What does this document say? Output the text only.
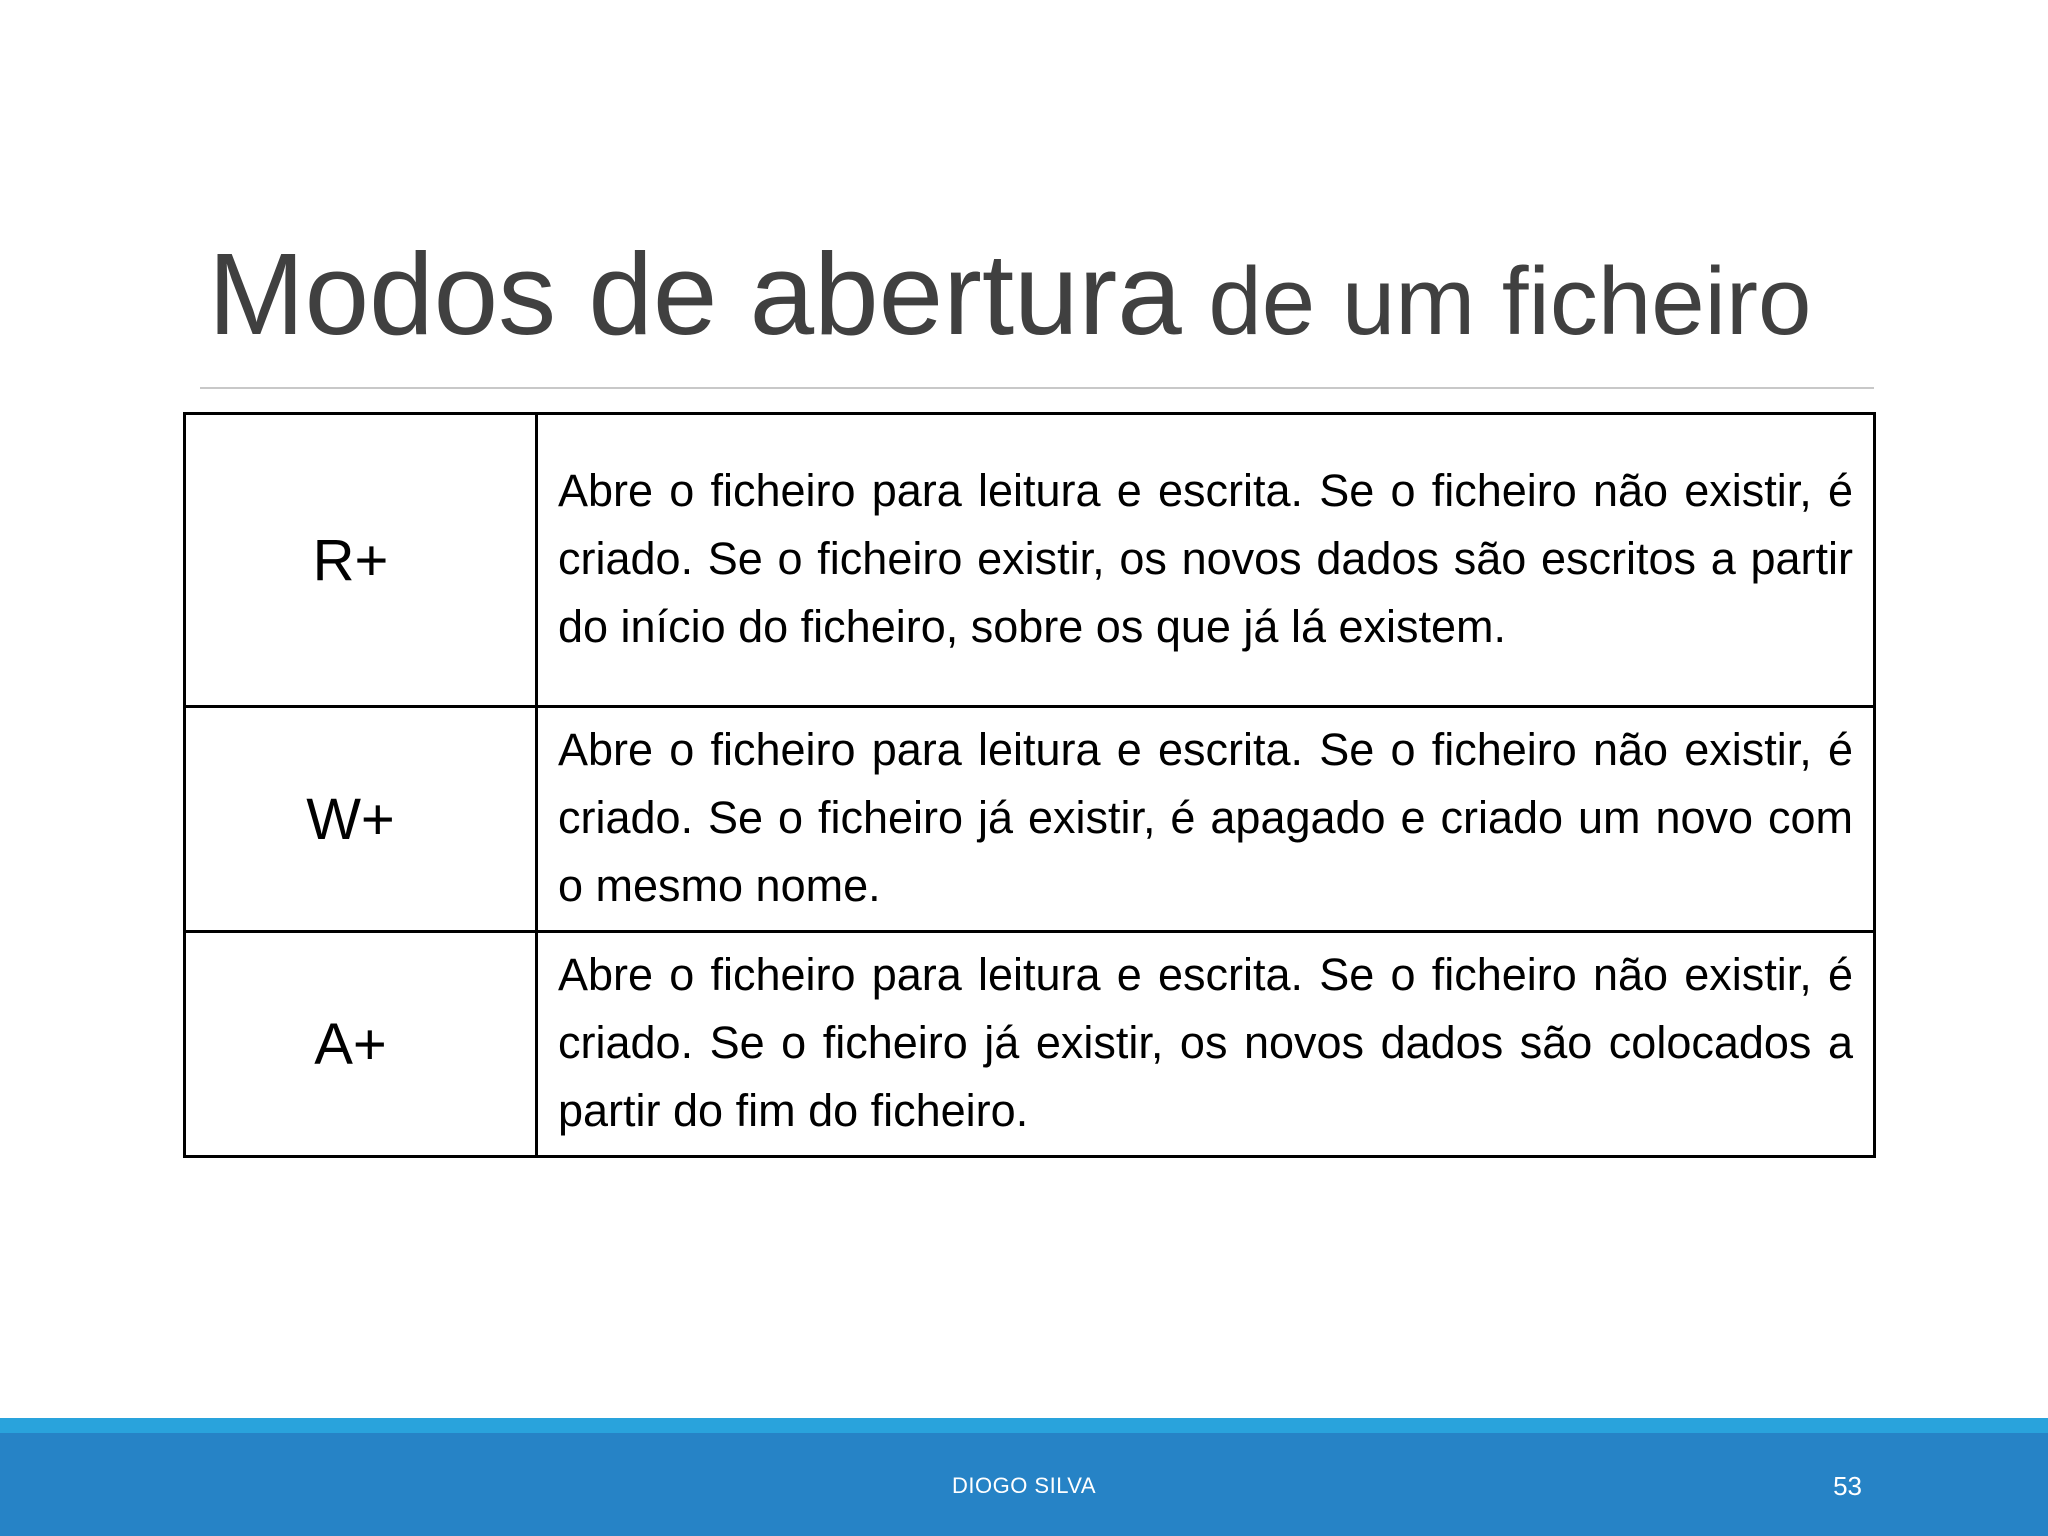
Modos de abertura de um ficheiro
R+	Abre o ficheiro para leitura e escrita. Se o ficheiro não existir, é criado. Se o ficheiro existir, os novos dados são escritos a partir do início do ficheiro, sobre os que já lá existem.
W+	Abre o ficheiro para leitura e escrita. Se o ficheiro não existir, é criado. Se o ficheiro já existir, é apagado e criado um novo com o mesmo nome.
A+	Abre o ficheiro para leitura e escrita. Se o ficheiro não existir, é criado. Se o ficheiro já existir, os novos dados são colocados a partir do fim do ficheiro.
DIOGO SILVA	53
